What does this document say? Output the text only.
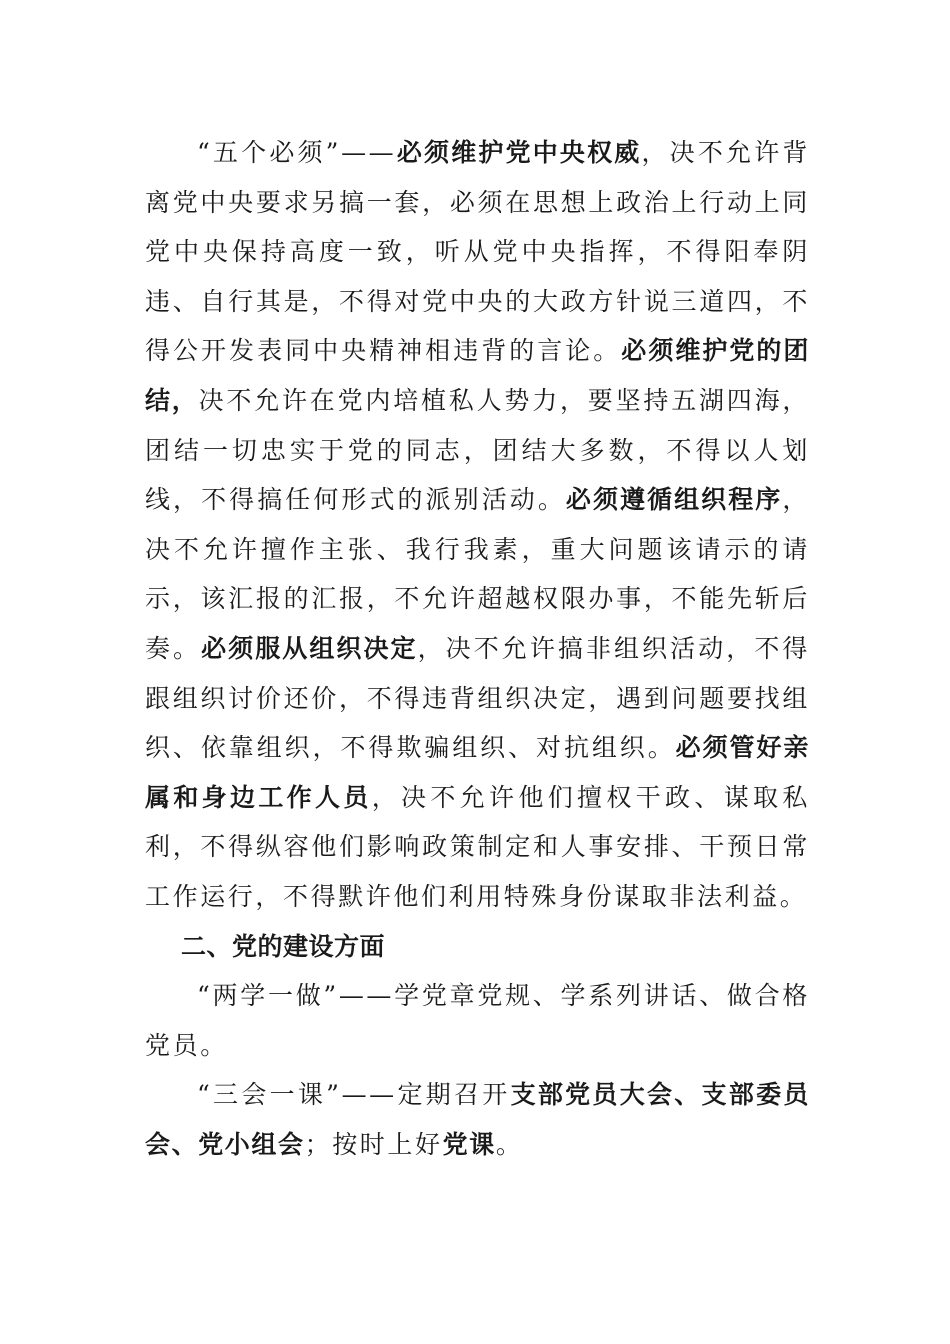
“五个必须”——必须维护党中央权威，决不允许背离党中央要求另搞一套，必须在思想上政治上行动上同党中央保持高度一致，听从党中央指挥，不得阳奉阴违、自行其是，不得对党中央的大政方针说三道四，不得公开发表同中央精神相违背的言论。必须维护党的团结，决不允许在党内培植私人势力，要坚持五湖四海， 团结一切忠实于党的同志，团结大多数，不得以人划线，不得搞任何形式的派别活动。必须遵循组织程序，决不允许擅作主张、我行我素，重大问题该请示的请示，该汇报的汇报，不允许超越权限办事，不能先斩后奏。必须服从组织决定，决不允许搞非组织活动，不得跟组织讨价还价，不得违背组织决定，遇到问题要找组织、依靠组织，不得欺骗组织、对抗组织。必须管好亲属和身边工作人员，决不允许他们擅权干政、谋取私利，不得纵容他们影响政策制定和人事安排、干预日常工作运行，不得默许他们利用特殊身份谋取非法利益。

二、党的建设方面

“两学一做”——学党章党规、学系列讲话、做合格党员。

“三会一课”——定期召开支部党员大会、支部委员会、党小组会；按时上好党课。
